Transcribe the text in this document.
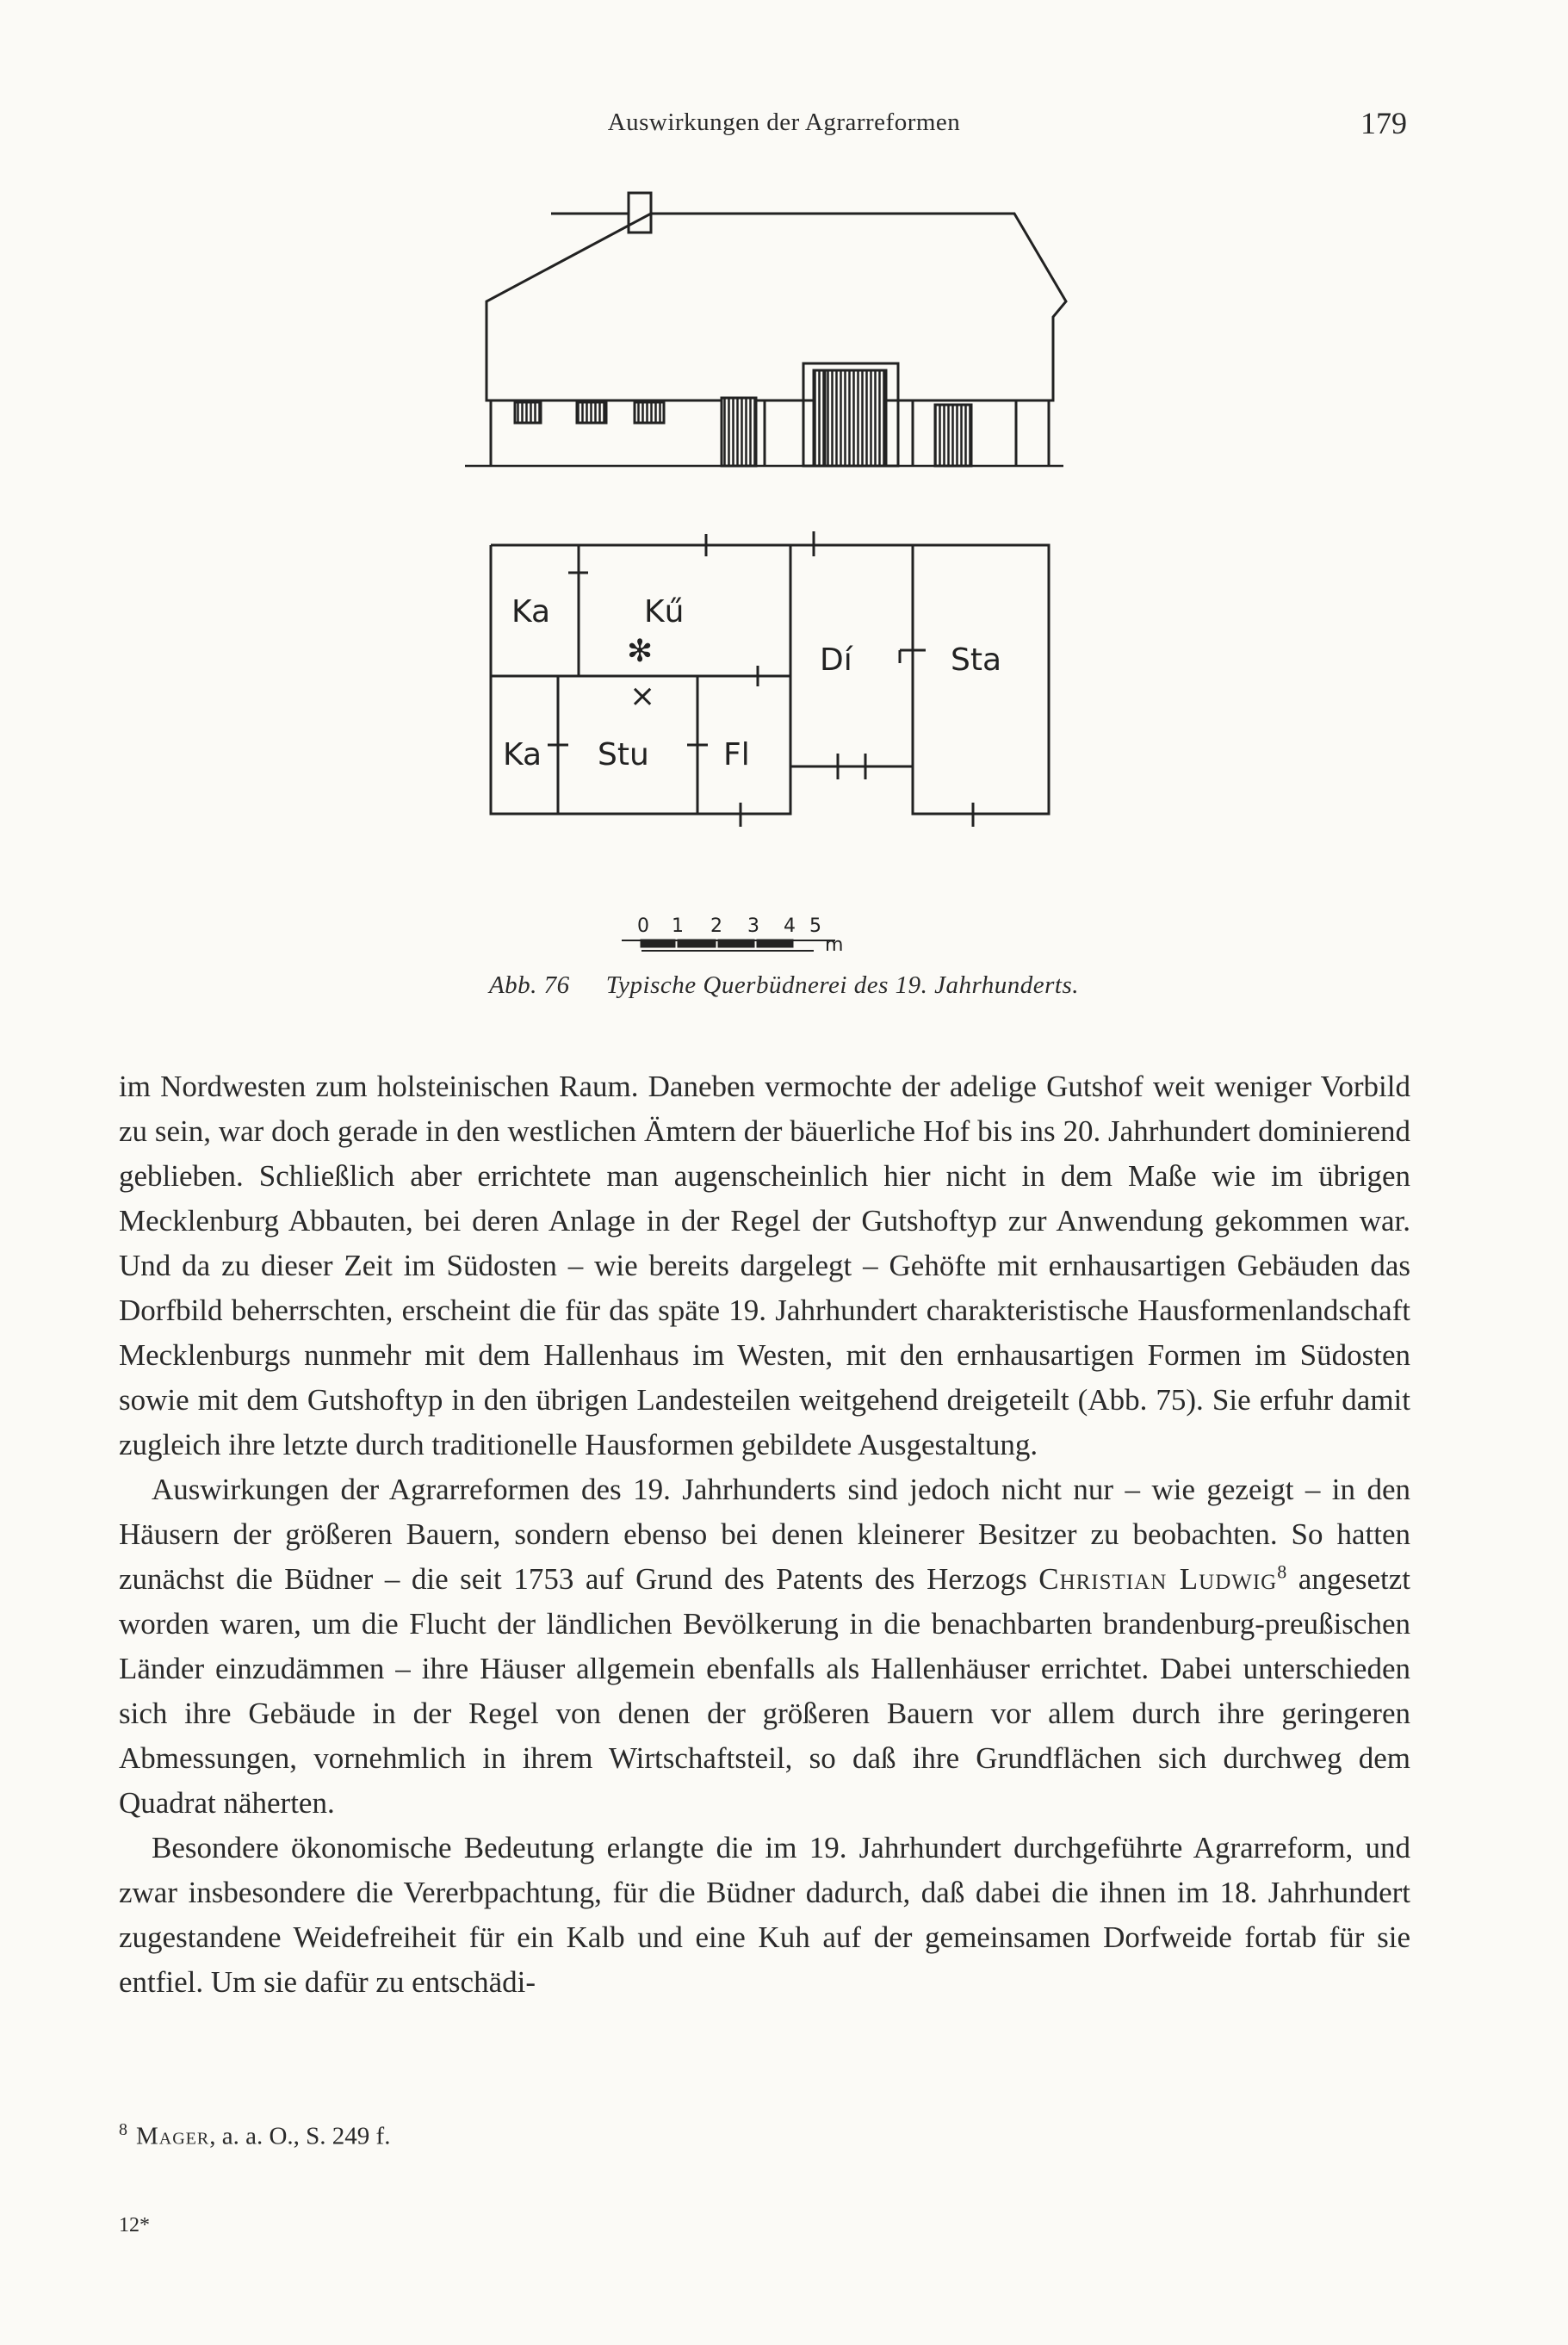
Auswirkungen der Agrarreformen	179
Ka	Kű
✻
×
Dí	Sta
Ka Stu Fl
0 1 2 3 4 5
m
Abb. 76 Typische Querbüdnerei des 19. Jahrhunderts.

im Nordwesten zum holsteinischen Raum. Daneben vermochte der adelige Gutshof weit weniger Vorbild zu sein, war doch gerade in den westlichen Ämtern der bäuerliche Hof bis ins 20. Jahrhundert dominierend geblieben. Schließlich aber errichtete man augenscheinlich hier nicht in dem Maße wie im übrigen Mecklenburg Abbauten, bei deren Anlage in der Regel der Gutshoftyp zur Anwendung gekommen war. Und da zu dieser Zeit im Südosten – wie bereits dargelegt – Gehöfte mit ernhausartigen Gebäuden das Dorfbild beherrschten, erscheint die für das späte 19. Jahrhundert charakteristische Hausformenlandschaft Mecklenburgs nunmehr mit dem Hallenhaus im Westen, mit den ernhausartigen Formen im Südosten sowie mit dem Gutshoftyp in den übrigen Landesteilen weitgehend dreigeteilt (Abb. 75). Sie erfuhr damit zugleich ihre letzte durch traditionelle Hausformen gebildete Ausgestaltung.

Auswirkungen der Agrarreformen des 19. Jahrhunderts sind jedoch nicht nur – wie gezeigt – in den Häusern der größeren Bauern, sondern ebenso bei denen kleinerer Besitzer zu beobachten. So hatten zunächst die Büdner – die seit 1753 auf Grund des Patents des Herzogs Christian Ludwig$^8$ angesetzt worden waren, um die Flucht der ländlichen Bevölkerung in die benachbarten brandenburg-preußischen Länder einzudämmen – ihre Häuser allgemein ebenfalls als Hallenhäuser errichtet. Dabei unterschieden sich ihre Gebäude in der Regel von denen der größeren Bauern vor allem durch ihre geringeren Abmessungen, vornehmlich in ihrem Wirtschaftsteil, so daß ihre Grundflächen sich durchweg dem Quadrat näherten.

Besondere ökonomische Bedeutung erlangte die im 19. Jahrhundert durchgeführte Agrarreform, und zwar insbesondere die Vererbpachtung, für die Büdner dadurch, daß dabei die ihnen im 18. Jahrhundert zugestandene Weidefreiheit für ein Kalb und eine Kuh auf der gemeinsamen Dorfweide fortab für sie entfiel. Um sie dafür zu entschädi-

$^8$ Mager, a. a. O., S. 249 f.
12*
